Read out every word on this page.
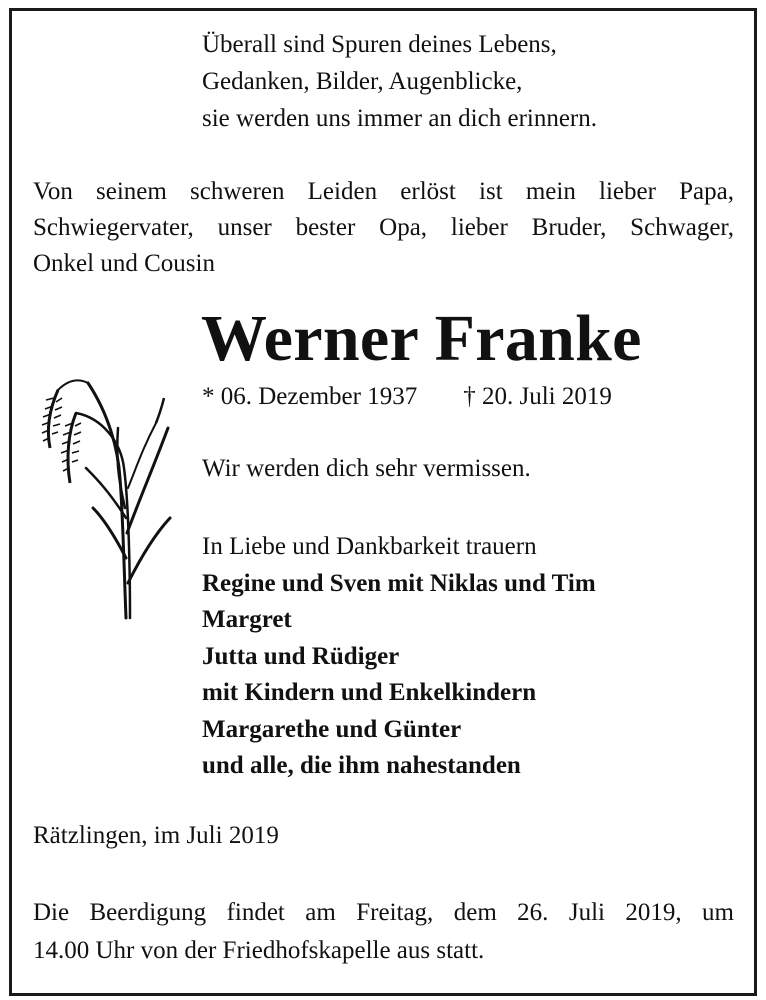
Überall sind Spuren deines Lebens,
Gedanken, Bilder, Augenblicke,
sie werden uns immer an dich erinnern.
Von seinem schweren Leiden erlöst ist mein lieber Papa,
Schwiegervater, unser bester Opa, lieber Bruder, Schwager,
Onkel und Cousin
Werner Franke
* 06. Dezember 1937 † 20. Juli 2019
Wir werden dich sehr vermissen.
In Liebe und Dankbarkeit trauern
Regine und Sven mit Niklas und Tim
Margret
Jutta und Rüdiger
mit Kindern und Enkelkindern
Margarethe und Günter
und alle, die ihm nahestanden
Rätzlingen, im Juli 2019
Die Beerdigung findet am Freitag, dem 26. Juli 2019, um
14.00 Uhr von der Friedhofskapelle aus statt.
